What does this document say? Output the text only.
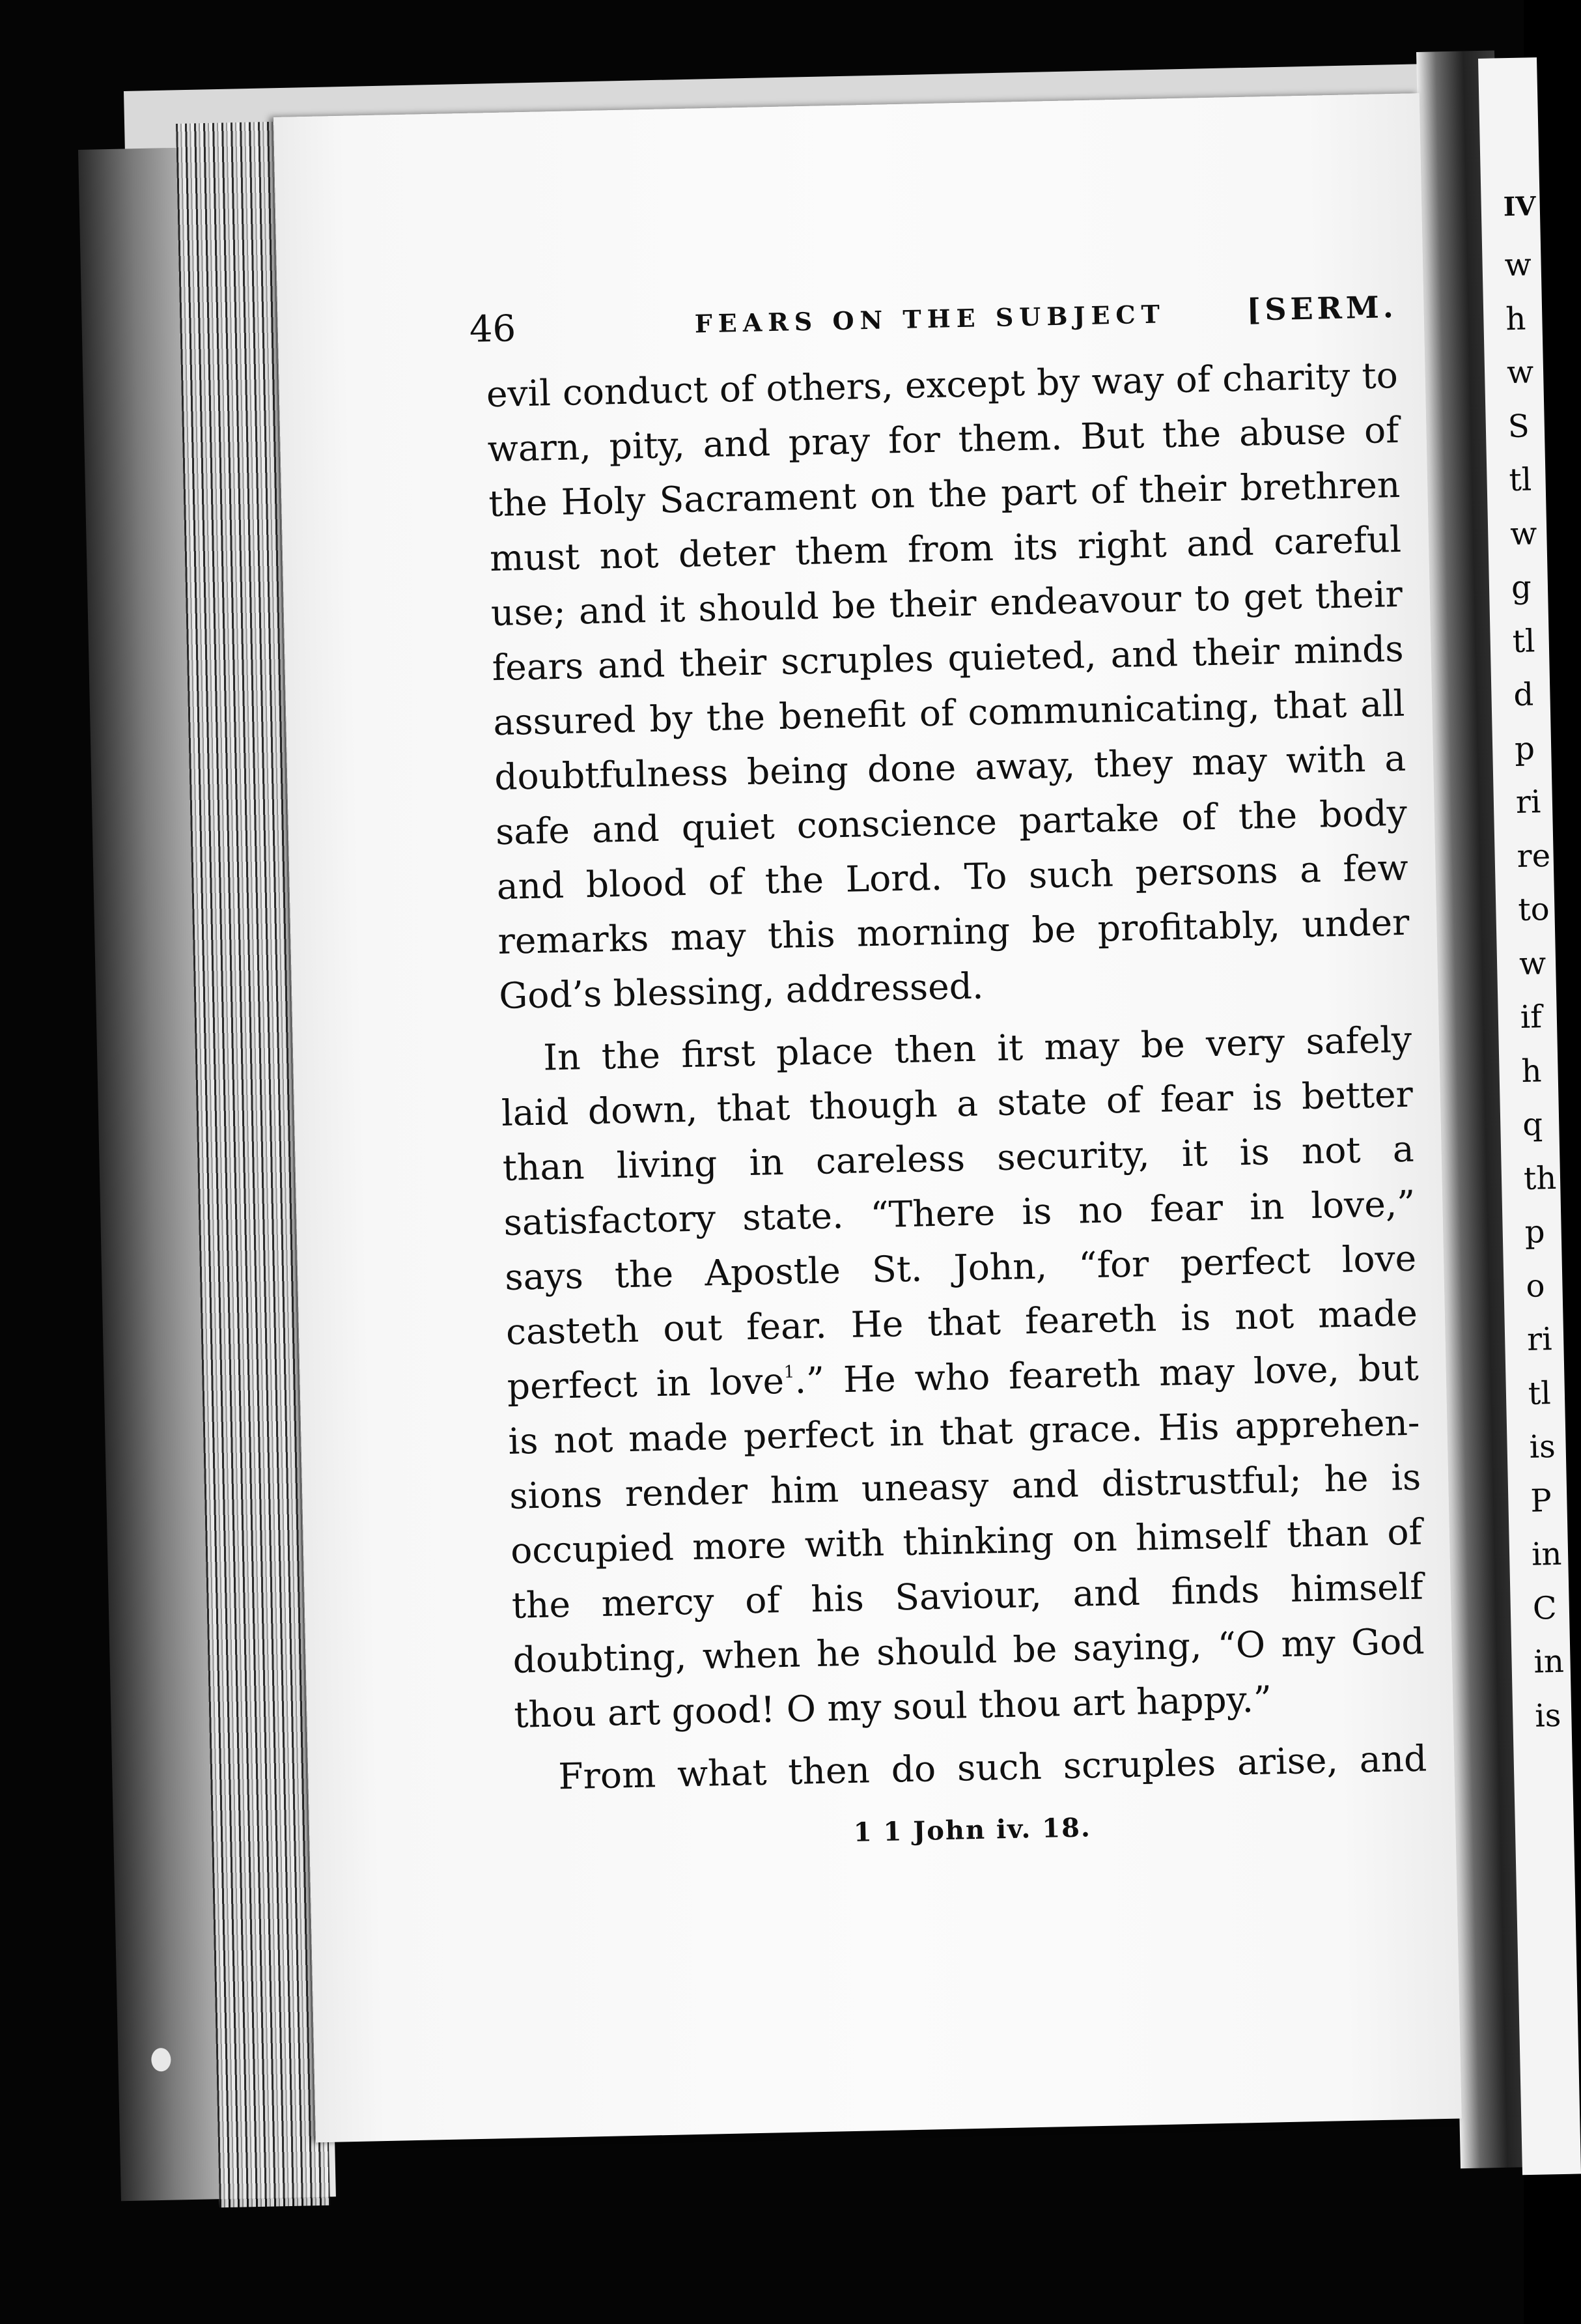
IV
w
h
w
S
tl
w
g
tl
d
p
ri
re
to
w
if
h
q
th
p
o
ri
tl
is
P
in
C
in
is
46	FEARS ON THE SUBJECT	[SERM.

evil conduct of others, except by way of charity to
warn, pity, and pray for them. But the abuse of
the Holy Sacrament on the part of their brethren
must not deter them from its right and careful
use; and it should be their endeavour to get their
fears and their scruples quieted, and their minds
assured by the benefit of communicating, that all
doubtfulness being done away, they may with a
safe and quiet conscience partake of the body
and blood of the Lord. To such persons a few
remarks may this morning be profitably, under
God’s blessing, addressed.

In the first place then it may be very safely
laid down, that though a state of fear is better
than living in careless security, it is not a
satisfactory state. “There is no fear in love,”
says the Apostle St. John, “for perfect love
casteth out fear. He that feareth is not made
perfect in love$^1$.” He who feareth may love, but
is not made perfect in that grace. His apprehen-
sions render him uneasy and distrustful; he is
occupied more with thinking on himself than of
the mercy of his Saviour, and finds himself
doubting, when he should be saying, “O my God
thou art good! O my soul thou art happy.”

From what then do such scruples arise, and

1 1 John iv. 18.
